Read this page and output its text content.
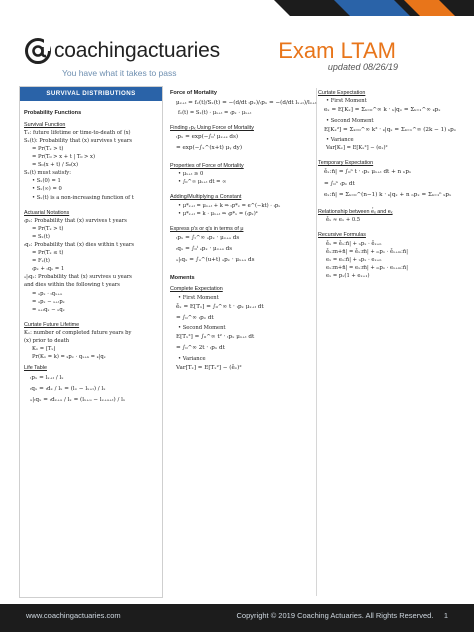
coachingactuaries
You have what it takes to pass
Exam LTAM
updated 08/26/19
SURVIVAL DISTRIBUTIONS
Probability Functions
Survival Function
Tₓ: future lifetime or time-to-death of (x)
Sₓ(t): Probability that (x) survives t years
= Pr(Tₓ > t)
= Pr(T₀ > x + t | T₀ > x)
= S₀(x + t) / S₀(x)
Sₓ(t) must satisfy:
• Sₓ(0) = 1
• Sₓ(∞) = 0
• Sₓ(t) is a non-increasing function of t
Actuarial Notations
ₜpₓ: Probability that (x) survives t years
= Pr(Tₓ > t)
= Sₓ(t)
ₜqₓ: Probability that (x) dies within t years
= Pr(Tₓ ≤ t)
= Fₓ(t)
ₜpₓ + ₜqₓ = 1
ᵤ|ₜqₓ: Probability that (x) survives u years
and dies within the following t years
= ᵤpₓ · ₜqₓ₊ᵤ
= ᵤpₓ − ᵤ₊ₜpₓ
= ᵤ₊ₜqₓ − ᵤqₓ
Curtate Future Lifetime
Kₓ: number of completed future years by
(x) prior to death
Kₓ = ⌊Tₓ⌋
Pr(Kₓ = k) = ₖpₓ · qₓ₊ₖ = ₖ|qₓ
Life Table
ₜpₓ = lₓ₊ₜ / lₓ
ₜqₓ = ₜdₓ / lₓ = (lₓ − lₓ₊ₜ) / lₓ
ᵤ|ₜqₓ = ₜdₓ₊ᵤ / lₓ = (lₓ₊ᵤ − lₓ₊ᵤ₊ₜ) / lₓ
Force of Mortality
μₓ₊ₜ = fₓ(t)/Sₓ(t) = −(d/dt ₜpₓ)/ₜpₓ = −(d/dt lₓ₊ₜ)/lₓ₊ₜ
fₓ(t) = Sₓ(t) · μₓ₊ₜ = ₜpₓ · μₓ₊ₜ
Finding ₜpₓ Using Force of Mortality
ₜpₓ = exp(−∫₀ᵗ μₓ₊ₛ ds)
= exp(−∫ₓ^(x+t) μᵧ dy)
Properties of Force of Mortality
• μₓ₊ₜ ≥ 0
• ∫₀^∞ μₓ₊ₜ dt = ∞
Adding/Multiplying a Constant
• μ*ₓ₊ₜ = μₓ₊ₜ + k ⇒ ₜp*ₓ = e^(−kt) · ₜpₓ
• μ*ₓ₊ₜ = k · μₓ₊ₜ ⇒ ₜp*ₓ = (ₜpₓ)ᵏ
Express p's or q's in terms of μ
ₜpₓ = ∫ₜ^∞ ₛpₓ · μₓ₊ₛ ds
ₜqₓ = ∫₀ᵗ ₛpₓ · μₓ₊ₛ ds
ᵤ|ₜqₓ = ∫ᵤ^(u+t) ₛpₓ · μₓ₊ₛ ds
Moments
Complete Expectation
• First Moment
e̊ₓ = E[Tₓ] = ∫₀^∞ t · ₜpₓ μₓ₊ₜ dt
= ∫₀^∞ ₜpₓ dt
• Second Moment
E[Tₓ²] = ∫₀^∞ t² · ₜpₓ μₓ₊ₜ dt
= ∫₀^∞ 2t · ₜpₓ dt
• Variance
Var[Tₓ] = E[Tₓ²] − (e̊ₓ)²
Curtate Expectation
• First Moment
eₓ = E[Kₓ] = Σₖ₌₀^∞ k · ₖ|qₓ = Σₖ₌₁^∞ ₖpₓ
• Second Moment
E[Kₓ²] = Σₖ₌₀^∞ k² · ₖ|qₓ = Σₖ₌₁^∞ (2k − 1) ₖpₓ
• Variance
Var[Kₓ] = E[Kₓ²] − (eₓ)²
Temporary Expectation
e̊ₓ:n̄| = ∫₀ⁿ t · ₜpₓ μₓ₊ₜ dt + n ₙpₓ
= ∫₀ⁿ ₜpₓ dt
eₓ:n̄| = Σₖ₌₀^(n−1) k · ₖ|qₓ + n ₙpₓ = Σₖ₌₁ⁿ ₖpₓ
Relationship between e̊ₓ and eₓ
e̊ₓ ≈ eₓ + 0.5
Recursive Formulas
e̊ₓ = e̊ₓ:n̄| + ₙpₓ · e̊ₓ₊ₙ
e̊ₓ:m+n̄| = e̊ₓ:m̄| + ₘpₓ · e̊ₓ₊ₘ:n̄|
eₓ = eₓ:n̄| + ₙpₓ · eₓ₊ₙ
eₓ:m+n̄| = eₓ:m̄| + ₘpₓ · eₓ₊ₘ:n̄|
eₓ = pₓ(1 + eₓ₊₁)
www.coachingactuaries.com	Copyright © 2019 Coaching Actuaries. All Rights Reserved. 1
